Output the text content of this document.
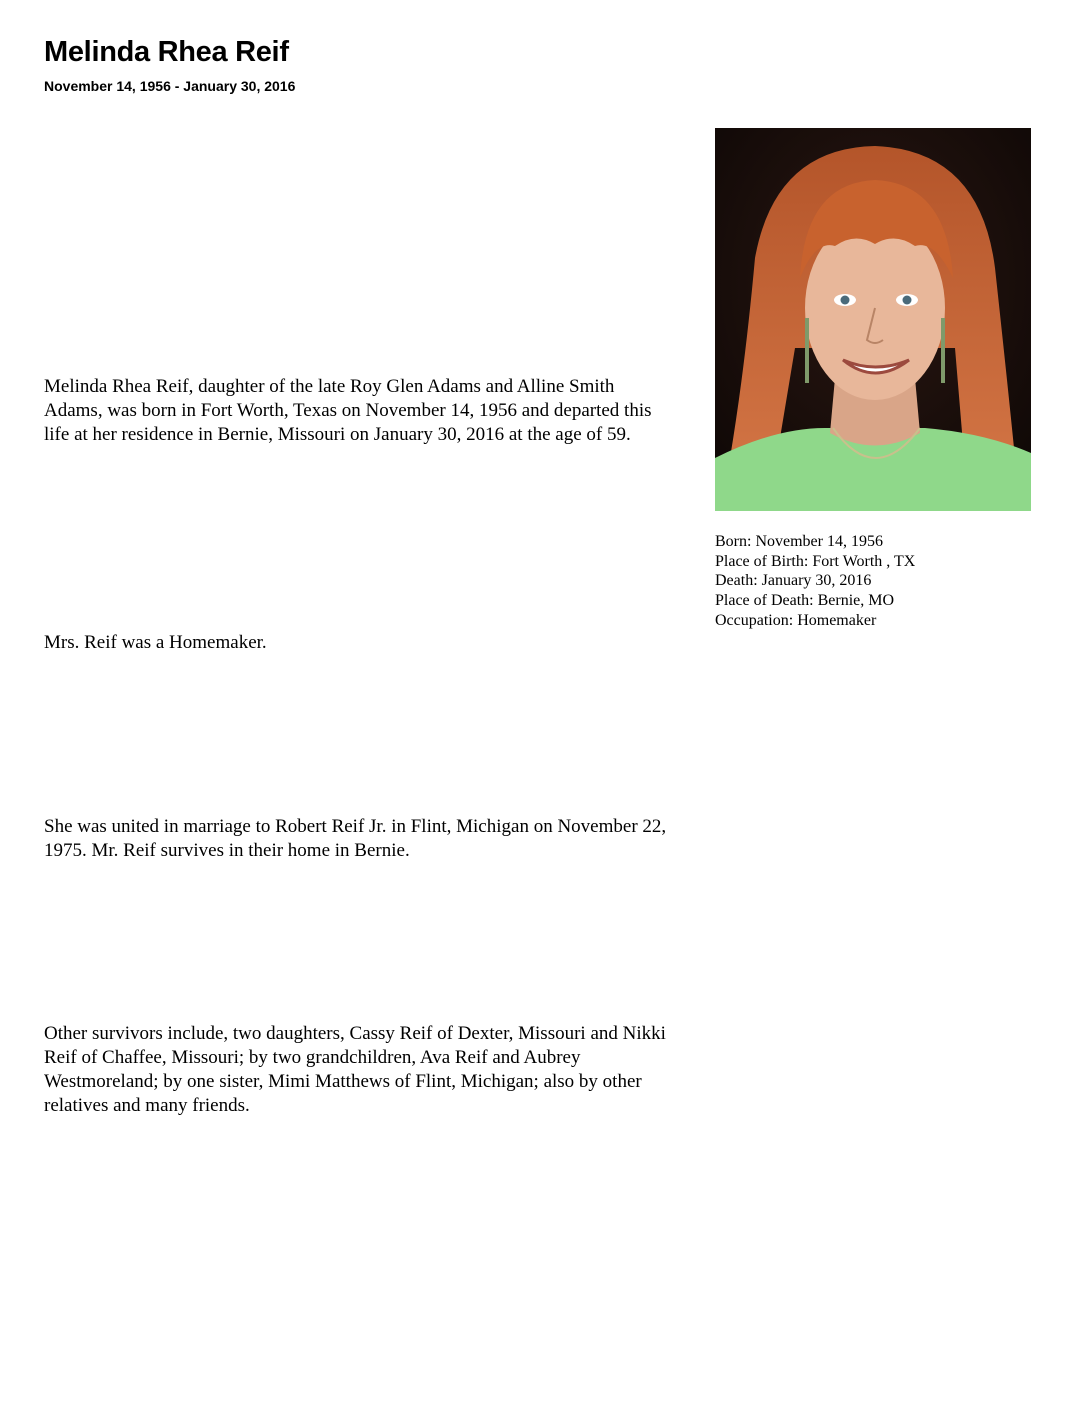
Melinda Rhea Reif

November 14, 1956 - January 30, 2016

Melinda Rhea Reif, daughter of the late Roy Glen Adams and Alline Smith Adams, was born in Fort Worth, Texas on November 14, 1956 and departed this life at her residence in Bernie, Missouri on January 30, 2016 at the age of 59.

Mrs. Reif was a Homemaker.

She was united in marriage to Robert Reif Jr. in Flint, Michigan on November 22, 1975. Mr. Reif survives in their home in Bernie.

Other survivors include, two daughters, Cassy Reif of Dexter, Missouri and Nikki Reif of Chaffee, Missouri; by two grandchildren, Ava Reif and Aubrey Westmoreland; by one sister, Mimi Matthews of Flint, Michigan; also by other relatives and many friends.

Born: November 14, 1956
Place of Birth: Fort Worth , TX
Death: January 30, 2016
Place of Death: Bernie, MO
Occupation: Homemaker
